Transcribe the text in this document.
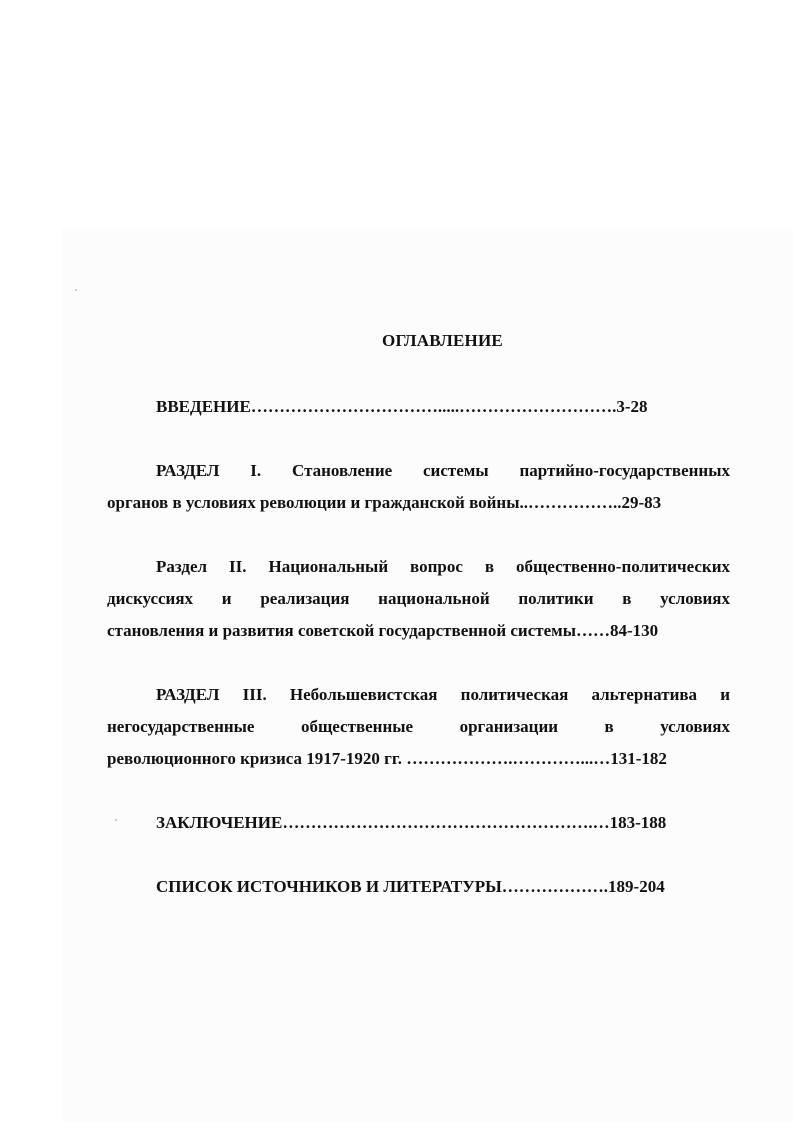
ОГЛАВЛЕНИЕ
ВВЕДЕНИЕ…………………………….....……………………….3-28
РАЗДЕЛ I. Становление системы партийно-государственных
органов в условиях революции и гражданской войны..……………..29-83
Раздел II. Национальный вопрос в общественно-политических
дискуссиях и реализация национальной политики в условиях
становления и развития советской государственной системы……84-130
РАЗДЕЛ III. Небольшевистская политическая альтернатива и
негосударственные общественные организации в условиях
революционного кризиса 1917-1920 гг. ……………….…………...…131-182
ЗАКЛЮЧЕНИЕ……………………………………………….…183-188
СПИСОК ИСТОЧНИКОВ И ЛИТЕРАТУРЫ……………….189-204
